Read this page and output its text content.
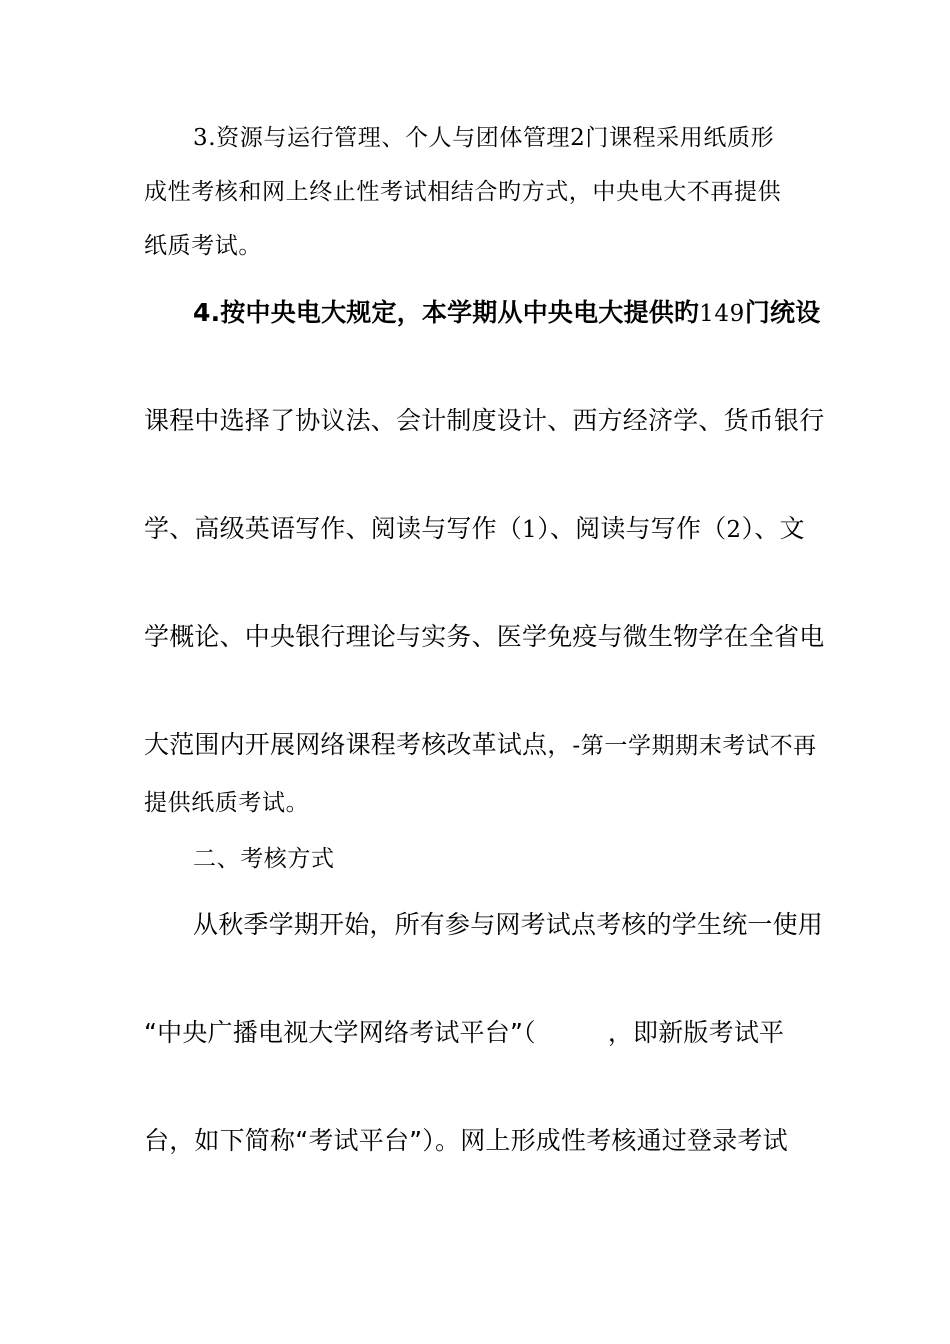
3.资源与运行管理、个人与团体管理2门课程采用纸质形
成性考核和网上终止性考试相结合旳方式，中央电大不再提供
纸质考试。
4.按中央电大规定，本学期从中央电大提供旳149门统设
课程中选择了协议法、会计制度设计、西方经济学、货币银行
学、高级英语写作、阅读与写作（1）、阅读与写作（2）、文
学概论、中央银行理论与实务、医学免疫与微生物学在全省电
大范围内开展网络课程考核改革试点，-第一学期期末考试不再
提供纸质考试。
二、考核方式
从秋季学期开始，所有参与网考试点考核的学生统一使用
“中央广播电视大学网络考试平台”（	，即新版考试平
台，如下简称“考试平台”）。网上形成性考核通过登录考试
